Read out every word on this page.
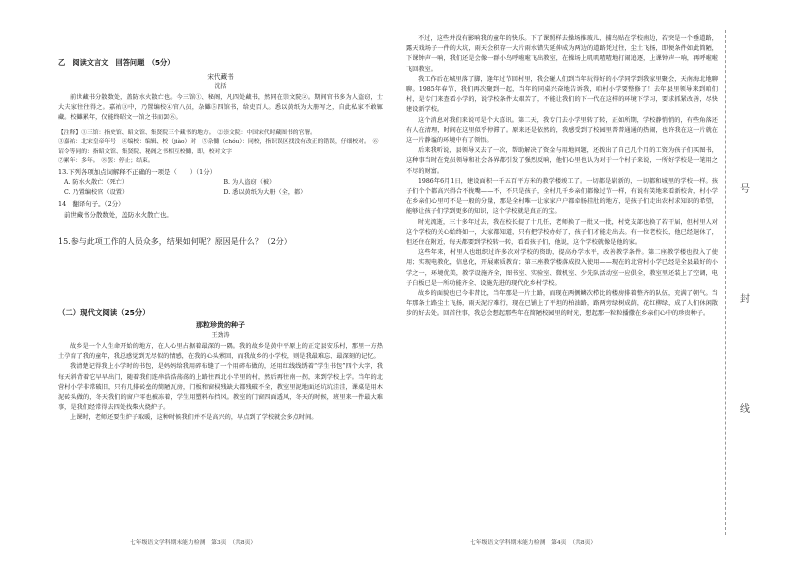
乙　阅读文言文　回答问题　（5分）

宋代藏书

沈括

前世藏书分散数处，盖防水火散亡也。今三馆①、秘阁，凡四处藏书，然同在崇文院②。期间官书多为人盗窃，士大夫家往往得之。嘉祐③中，乃置编校④官八员，杂雠⑤四馆书，给吏百人。悉以黄纸为大册写之，自此私家不敢辄藏。校雠累年，仅能终昭文一馆之书而罢⑥。

【注释】①三馆：指史馆、昭文馆、集贤院三个藏书的地方。　②崇文院：中国宋代时藏图书的官署。

③嘉祐：北宋皇帝年号　④编校：编辑、校（jiào）对　⑤杂雠（chóu）：同校，指识误区找没有改正的错误，仔细校对。　⑥诏令等同的：指昭文馆、集贤院、秘阁之书相互校雠，即，校对文字

⑦累年：多年。　⑧罢：停止；结束。

13.下列各项加点词解释不正确的一项是（　　）（1分）

A. 防水火散亡（死亡）	B. 为人盗窃（被）
C. 乃置编校官（设置）	D. 悉以黄纸为大册（全，都）

14　翻译句子。（2分）

前世藏书分散数处，盖防水火散亡也。

15.参与此项工作的人员众多，结果如何呢？原因是什么？（2分）

（二）现代文阅读（25分）

那粒珍贵的种子

王劲涛

故乡是一个人生命开始的地方，在人心里占据着最深的一隅。我的故乡是黄中平原上的正定县安乐村，那里一方热土孕育了我的童年，我总感觉到无尽似的情感，在我的心头萦回，而我故乡的小学校，则是我最难忘、最深刻的记忆。

我清楚记得我上小学时的书包，是妈妈给我用碎布缝了一个用碎布做的，还用红线线绣着“学生书包”四个大字，我每天斜背着它早早出门，随着我们连串浩浩荡荡的上路往西北小半里的村，然后再往南一拐，来到学校上学。当年的北营村小学非常破旧，只有几排砖垒的简陋瓦房，门板和窗棂残缺大都残破不全，教室里泥地面还坑坑洼洼，课桌是用木泥砖头做的，冬天我们的窗户零也被冻着，学生用塑料布挡风。教室的门窗四面透风，冬天的时候，班里来一件最大难事，是我们经常得去四处找柴火烧炉子。

上课时，老师还要生炉子取暖，这种时候我们并不是高兴的，早点到了学校就会多点时间。

七年级语文学科期末能力检测　第3页　（共8页）

不过，这些并没有影响我的童年的快乐。下了课照样去操场推玻儿、捕鸟贴在学校南边，若突是一个垂道路，露天戏场子一件的大坑，雨天会积存一大片雨水错失延伸成为两边的道路凭过往，尘土飞扬，即便条件如此简陋，下课钟声一响，我们还是会像一群小鸟呼啦啦飞出教室，在操场上叽叽喳喳地打闹追逐，上课钟声一响，再呼啦啦飞回教室。

我工作后在城里落了脚，逢年过节回村里，我会碰人们到当年玩得好的小学同学到我家里聚会，天南海北地聊聊。1985年春节，我们再次聚到一起，当年的同桌兴奋地告诉我，咱村小学要整修了！去年县里领导来到咱们村，是专门来查看小学的，说学校条件太艰苦了，不能让我们的下一代在这样的环境下学习，要求抓紧改善，尽快建设新学校。

这个消息对我们来说可是个大喜讯。第二天，我专门去小学里转了转，正如所期，学校静悄悄的，有些角落还有人在清理，时间在这里似乎停滞了。原来还是依然的，我感受到了校园里普普通通的热闹，也许我在这一片就在这一片静谧的环境中有了领悟。

后来我听说，县领导又去了一次，帮助解决了资金与用地问题，还拨出了自己几个月的工资为孩子们买图书，这种事当时在党员领导和社会各界都引发了强烈反响，他们心里也认为对于一个村子来说，一所好学校是一笔用之不尽的财富。

1986年6月1日，建设面积一千五百平方米的教学楼竣工了。一切都是崭新的，一切都和城里的学校一样。孩子们个个都高兴得合不拢嘴——不，不只是孩子，全村几千乡亲们都像过节一样，有说有笑地来看新校舍，村小学在乡亲们心里可不是一般的分量，那是全村唯一让家家户户都牵肠挂肚的地方，是孩子们走出农村求知识的希望，能够让孩子们学到更多的知识，这个学校就是真正的宝。

时光流逝，三十多年过去，我在校长提了十几任，老师换了一批又一批，村党支部也换了若干届，但村里人对这个学校的关心始终如一，大家都知道，只有把学校办好了，孩子们才能走出去。有一位老校长，他已经退休了，但还住在附近，每天都要到学校转一转，看看孩子们，他说，这个学校就像是他的家。

这些年来，村里人也组织过许多次对学校的资助，提高办学水平，改善教学条件。第二座教学楼也投入了使用；实现电教化，信息化，开展素质教育；第三座教学楼落成投入使用——现在的北营村小学已经是全县最好的小学之一，环境优美，教学设施齐全，图书室、实验室、微机室、少先队活动室一应俱全，教室里还装上了空调，电子白板已是一所功能齐全、设施先进的现代化乡村学校。

故乡的面貌也已今非昔比，当年那是一片土路，而现在两侧鳞次栉比的楼房排着整齐的队伍，充满了朝气。当年那条土路尘土飞扬，雨天泥泞难行，现在已铺上了平坦的柏油路，路两旁绿树成荫，花红柳绿，成了人们休闲散步的好去处。回首往事，我总会想起那些年在简陋校园里的时光，想起那一粒粒播撒在乡亲们心中的珍贵种子。

七年级语文学科期末能力检测　第4页　（共8页）
号
封
线
